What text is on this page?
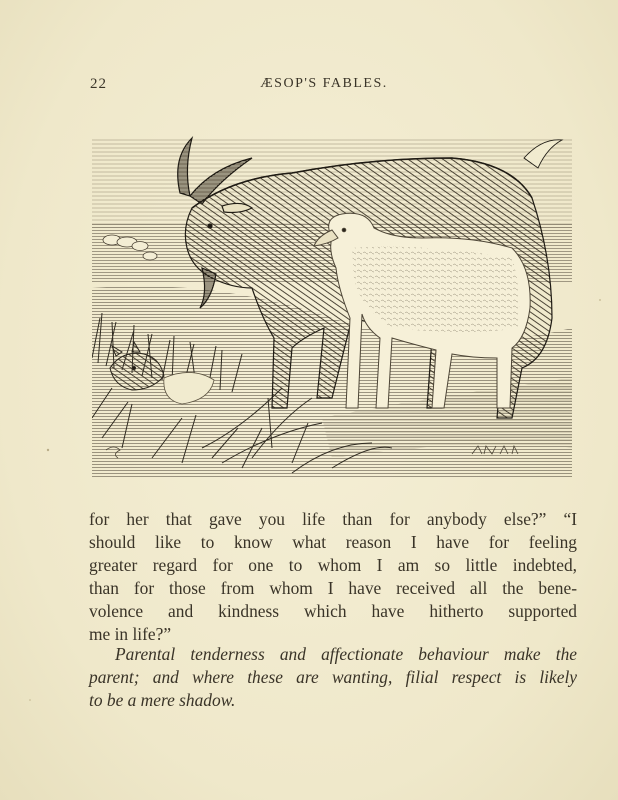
22	ÆSOP'S FABLES.
for her that gave you life than for anybody else?” “I
should like to know what reason I have for feeling
greater regard for one to whom I am so little indebted,
than for those from whom I have received all the bene-
volence and kindness which have hitherto supported
me in life?”
Parental tenderness and affectionate behaviour make the
parent; and where these are wanting, filial respect is likely
to be a mere shadow.
